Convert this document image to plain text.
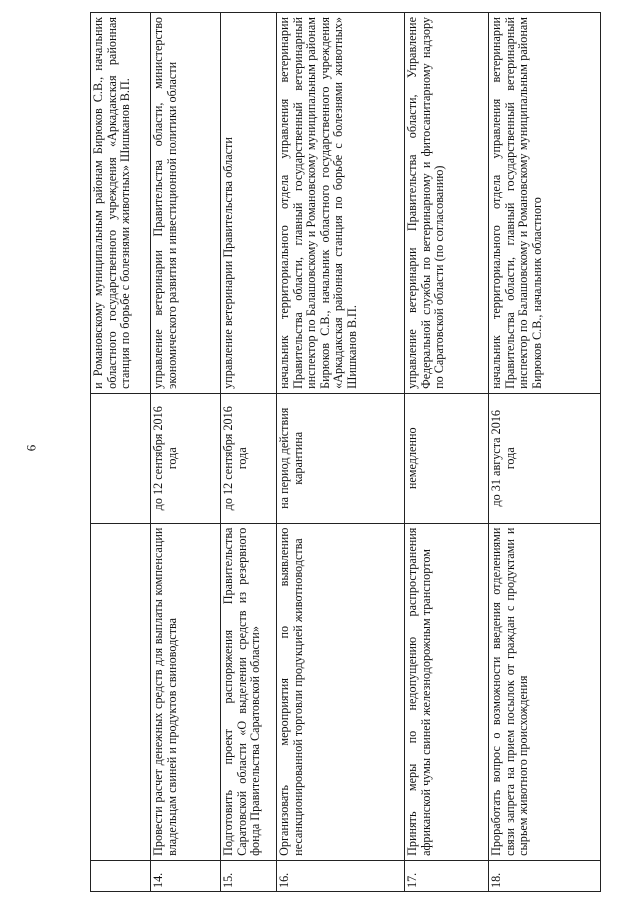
6
			и Романовскому муниципальным районам Бирюков С.В., начальник областного государственного учреждения «Аркадакская районная станция по борьбе с болезнями животных» Шишканов В.П.
14.	Провести расчет денежных средств для выплаты компенсации владельцам свиней и продуктов свиноводства	до 12 сентября 2016 года	управление ветеринарии Правительства области, министерство экономического развития и инвестиционной политики области
15.	Подготовить проект распоряжения Правительства Саратовской области «О выделении средств из резервного фонда Правительства Саратовской области»	до 12 сентября 2016 года	управление ветеринарии Правительства области
16.	Организовать мероприятия по выявлению несанкционированной торговли продукцией животноводства	на период действия карантина	начальник территориального отдела управления ветеринарии Правительства области, главный государственный ветеринарный инспектор по Балашовскому и Романовскому муниципальным районам Бирюков С.В., начальник областного государственного учреждения «Аркадакская районная станция по борьбе с болезнями животных» Шишканов В.П.
17.	Принять меры по недопущению распространения африканской чумы свиней железнодорожным транспортом	немедленно	управление ветеринарии Правительства области, Управление Федеральной службы по ветеринарному и фитосанитарному надзору по Саратовской области (по согласованию)
18.	Проработать вопрос о возможности введения отделениями связи запрета на прием посылок от граждан с продуктами и сырьем животного происхождения	до 31 августа 2016 года	начальник территориального отдела управления ветеринарии Правительства области, главный государственный ветеринарный инспектор по Балашовскому и Романовскому муниципальным районам Бирюков С.В., начальник областного
